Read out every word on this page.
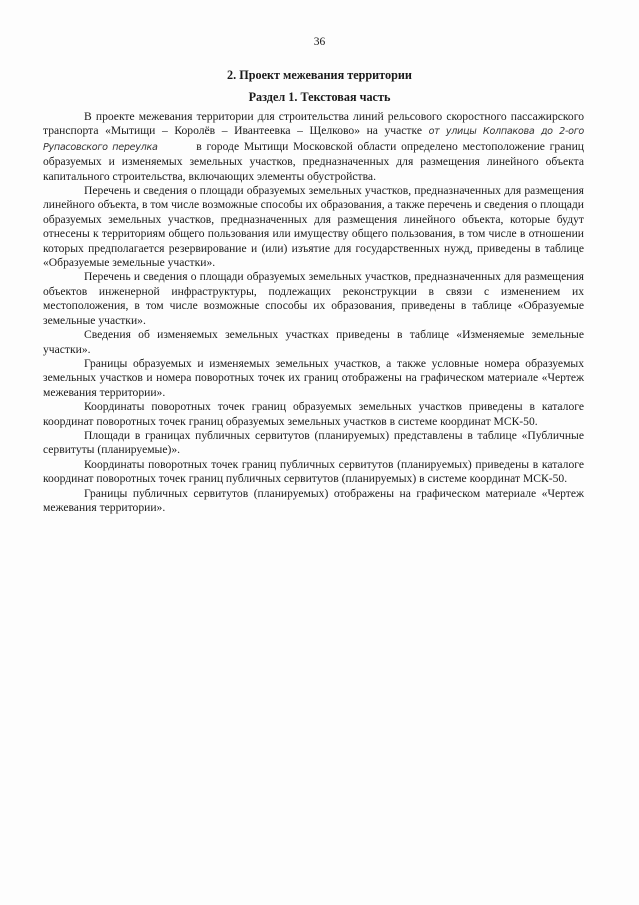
36
2. Проект межевания территории
Раздел 1. Текстовая часть

В проекте межевания территории для строительства линий рельсового скоростного пассажирского транспорта «Мытищи – Королёв – Ивантеевка – Щелково» на участке от улицы Колпакова до 2-ого Рупасовского переулка	в городе Мытищи Московской области определено местоположение границ образуемых и изменяемых земельных участков, предназначенных для размещения линейного объекта капитального строительства, включающих элементы обустройства.

Перечень и сведения о площади образуемых земельных участков, предназначенных для размещения линейного объекта, в том числе возможные способы их образования, а также перечень и сведения о площади образуемых земельных участков, предназначенных для размещения линейного объекта, которые будут отнесены к территориям общего пользования или имуществу общего пользования, в том числе в отношении которых предполагается резервирование и (или) изъятие для государственных нужд, приведены в таблице «Образуемые земельные участки».

Перечень и сведения о площади образуемых земельных участков, предназначенных для размещения объектов инженерной инфраструктуры, подлежащих реконструкции в связи с изменением их местоположения, в том числе возможные способы их образования, приведены в таблице «Образуемые земельные участки».

Сведения об изменяемых земельных участках приведены в таблице «Изменяемые земельные участки».

Границы образуемых и изменяемых земельных участков, а также условные номера образуемых земельных участков и номера поворотных точек их границ отображены на графическом материале «Чертеж межевания территории».

Координаты поворотных точек границ образуемых земельных участков приведены в каталоге координат поворотных точек границ образуемых земельных участков в системе координат МСК-50.

Площади в границах публичных сервитутов (планируемых) представлены в таблице «Публичные сервитуты (планируемые)».

Координаты поворотных точек границ публичных сервитутов (планируемых) приведены в каталоге координат поворотных точек границ публичных сервитутов (планируемых) в системе координат МСК-50.

Границы публичных сервитутов (планируемых) отображены на графическом материале «Чертеж межевания территории».
